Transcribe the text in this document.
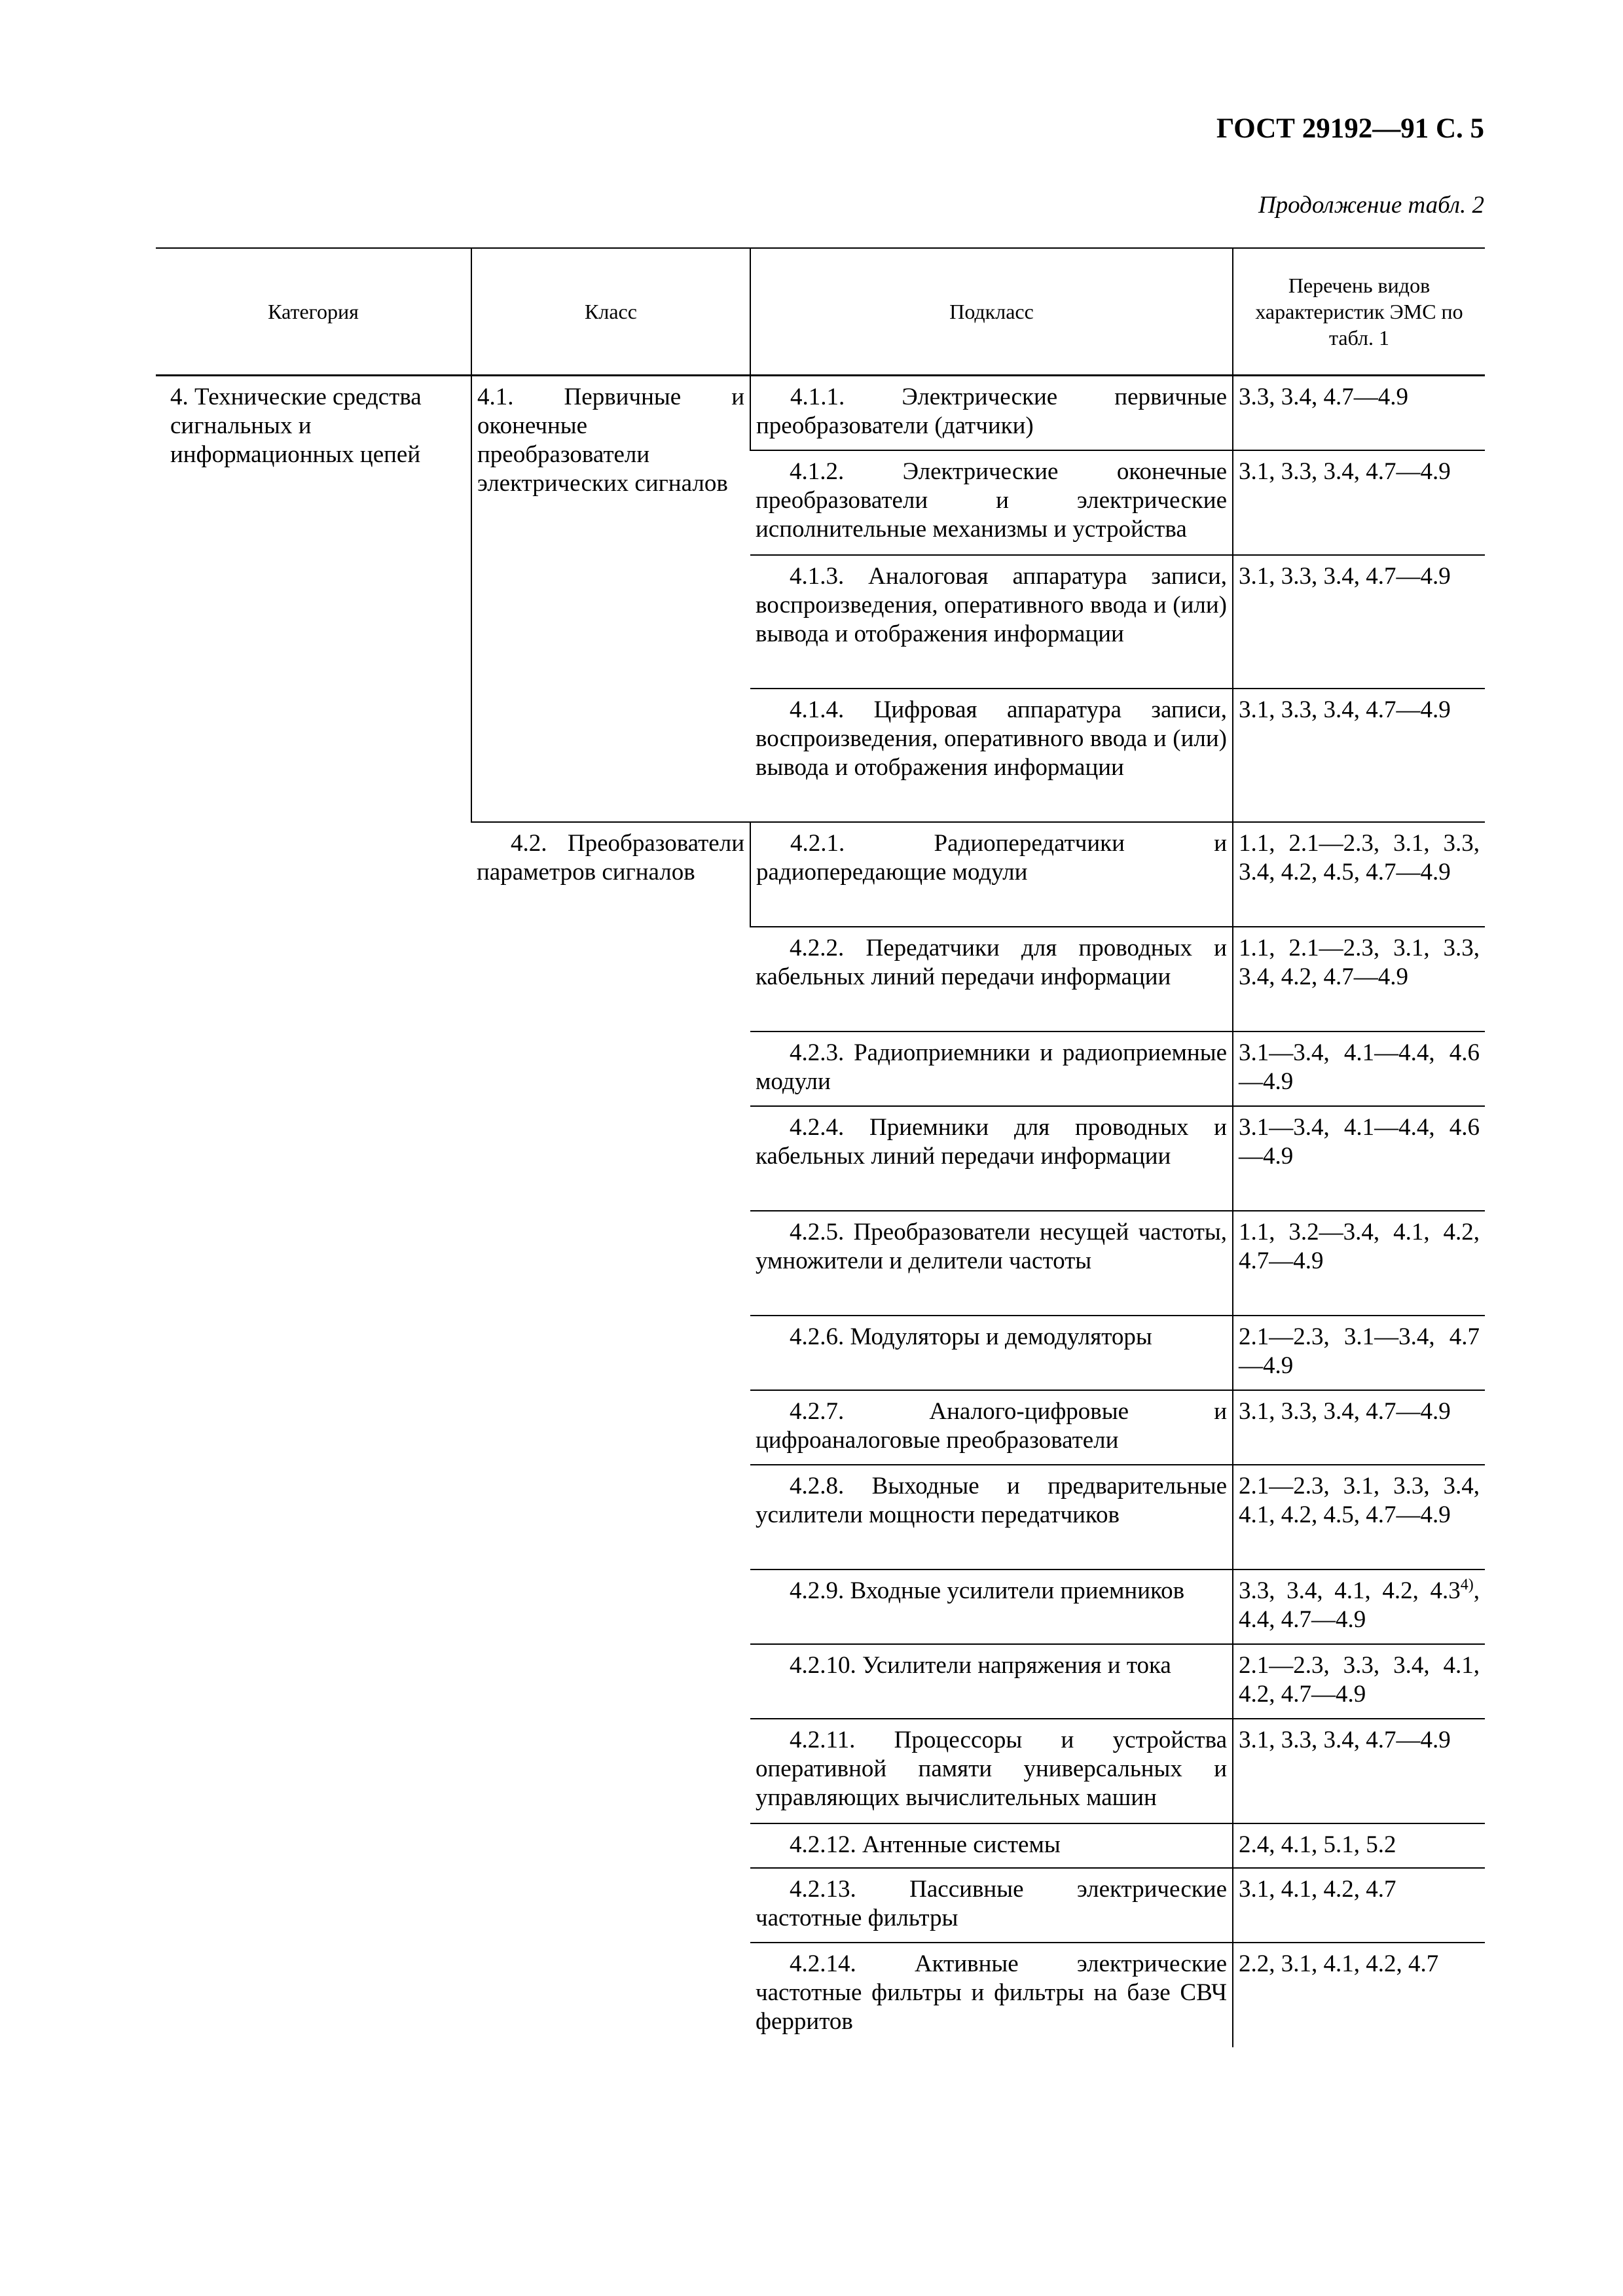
ГОСТ 29192—91 С. 5
Продолжение табл. 2
Категория	Класс	Подкласс	Перечень видов характеристик ЭМС по табл. 1
4. Технические средства сигнальных и информационных цепей	4.1. Первичные и оконечные преобразователи электрических сигналов	4.1.1. Электрические первичные преобразователи (датчики)	3.3, 3.4, 4.7—4.9
		4.1.2. Электрические оконечные преобразователи и электрические исполнительные механизмы и устройства	3.1, 3.3, 3.4, 4.7—4.9
		4.1.3. Аналоговая аппаратура записи, воспроизведения, оперативного ввода и (или) вывода и отображения информации	3.1, 3.3, 3.4, 4.7—4.9
		4.1.4. Цифровая аппаратура записи, воспроизведения, оперативного ввода и (или) вывода и отображения информации	3.1, 3.3, 3.4, 4.7—4.9
	4.2. Преобразователи параметров сигналов	4.2.1. Радиопередатчики и радиопередающие модули	1.1, 2.1—2.3, 3.1, 3.3, 3.4, 4.2, 4.5, 4.7—4.9
		4.2.2. Передатчики для проводных и кабельных линий передачи информации	1.1, 2.1—2.3, 3.1, 3.3, 3.4, 4.2, 4.7—4.9
		4.2.3. Радиоприемники и радиоприемные модули	3.1—3.4, 4.1—4.4, 4.6—4.9
		4.2.4. Приемники для проводных и кабельных линий передачи информации	3.1—3.4, 4.1—4.4, 4.6—4.9
		4.2.5. Преобразователи несущей частоты, умножители и делители частоты	1.1, 3.2—3.4, 4.1, 4.2, 4.7—4.9
		4.2.6. Модуляторы и демодуляторы	2.1—2.3, 3.1—3.4, 4.7—4.9
		4.2.7. Аналого-цифровые и цифроаналоговые преобразователи	3.1, 3.3, 3.4, 4.7—4.9
		4.2.8. Выходные и предварительные усилители мощности передатчиков	2.1—2.3, 3.1, 3.3, 3.4, 4.1, 4.2, 4.5, 4.7—4.9
		4.2.9. Входные усилители приемников	3.3, 3.4, 4.1, 4.2, 4.3$^{4)}$, 4.4, 4.7—4.9
		4.2.10. Усилители напряжения и тока	2.1—2.3, 3.3, 3.4, 4.1, 4.2, 4.7—4.9
		4.2.11. Процессоры и устройства оперативной памяти универсальных и управляющих вычислительных машин	3.1, 3.3, 3.4, 4.7—4.9
		4.2.12. Антенные системы	2.4, 4.1, 5.1, 5.2
		4.2.13. Пассивные электрические частотные фильтры	3.1, 4.1, 4.2, 4.7
		4.2.14. Активные электрические частотные фильтры и фильтры на базе СВЧ ферритов	2.2, 3.1, 4.1, 4.2, 4.7
